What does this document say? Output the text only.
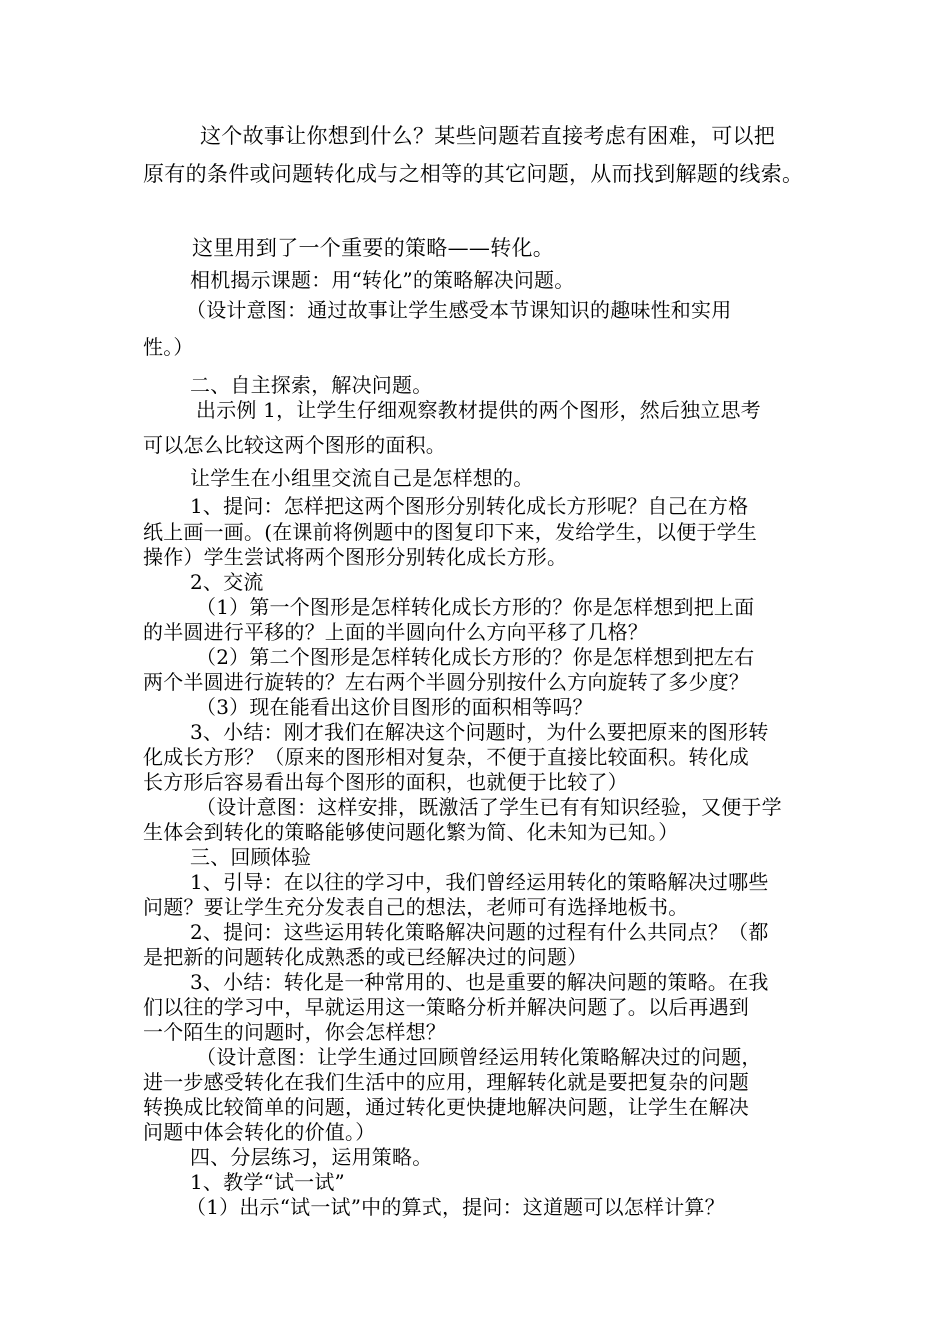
这个故事让你想到什么？某些问题若直接考虑有困难，可以把
原有的条件或问题转化成与之相等的其它问题，从而找到解题的线索。
这里用到了一个重要的策略——转化。
相机揭示课题：用“转化”的策略解决问题。
（设计意图：通过故事让学生感受本节课知识的趣味性和实用
性。）
二、自主探索，解决问题。
出示例 1，让学生仔细观察教材提供的两个图形，然后独立思考
可以怎么比较这两个图形的面积。
让学生在小组里交流自己是怎样想的。
1、提问：怎样把这两个图形分别转化成长方形呢？自己在方格
纸上画一画。(在课前将例题中的图复印下来，发给学生，以便于学生
操作）学生尝试将两个图形分别转化成长方形。
2、交流
（1）第一个图形是怎样转化成长方形的？你是怎样想到把上面
的半圆进行平移的？上面的半圆向什么方向平移了几格？
（2）第二个图形是怎样转化成长方形的？你是怎样想到把左右
两个半圆进行旋转的？左右两个半圆分别按什么方向旋转了多少度？
（3）现在能看出这价目图形的面积相等吗？
3、小结：刚才我们在解决这个问题时，为什么要把原来的图形转
化成长方形？（原来的图形相对复杂，不便于直接比较面积。转化成
长方形后容易看出每个图形的面积，也就便于比较了）
（设计意图：这样安排，既激活了学生已有有知识经验，又便于学
生体会到转化的策略能够使问题化繁为简、化未知为已知。）
三、回顾体验
1、引导：在以往的学习中，我们曾经运用转化的策略解决过哪些
问题？要让学生充分发表自己的想法，老师可有选择地板书。
2、提问：这些运用转化策略解决问题的过程有什么共同点？（都
是把新的问题转化成熟悉的或已经解决过的问题）
3、小结：转化是一种常用的、也是重要的解决问题的策略。在我
们以往的学习中，早就运用这一策略分析并解决问题了。以后再遇到
一个陌生的问题时，你会怎样想？
（设计意图：让学生通过回顾曾经运用转化策略解决过的问题，
进一步感受转化在我们生活中的应用，理解转化就是要把复杂的问题
转换成比较简单的问题，通过转化更快捷地解决问题，让学生在解决
问题中体会转化的价值。）
四、分层练习，运用策略。
1、教学“试一试”
（1）出示“试一试”中的算式，提问：这道题可以怎样计算？
